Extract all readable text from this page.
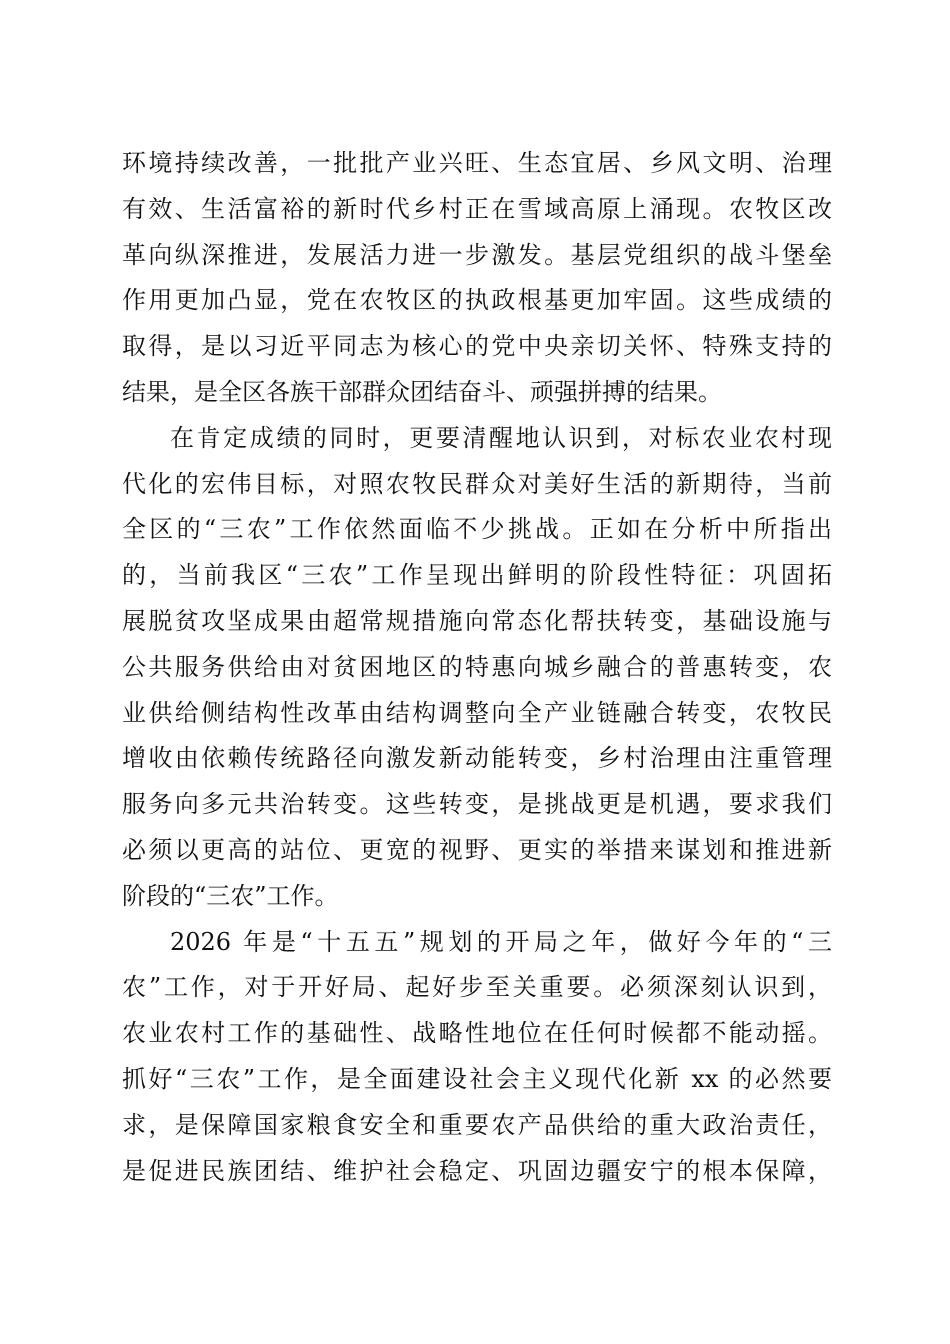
环境持续改善，一批批产业兴旺、生态宜居、乡风文明、治理
有效、生活富裕的新时代乡村正在雪域高原上涌现。农牧区改
革向纵深推进，发展活力进一步激发。基层党组织的战斗堡垒
作用更加凸显，党在农牧区的执政根基更加牢固。这些成绩的
取得，是以习近平同志为核心的党中央亲切关怀、特殊支持的
结果，是全区各族干部群众团结奋斗、顽强拼搏的结果。
在肯定成绩的同时，更要清醒地认识到，对标农业农村现
代化的宏伟目标，对照农牧民群众对美好生活的新期待，当前
全区的“三农”工作依然面临不少挑战。正如在分析中所指出
的，当前我区“三农”工作呈现出鲜明的阶段性特征：巩固拓
展脱贫攻坚成果由超常规措施向常态化帮扶转变，基础设施与
公共服务供给由对贫困地区的特惠向城乡融合的普惠转变，农
业供给侧结构性改革由结构调整向全产业链融合转变，农牧民
增收由依赖传统路径向激发新动能转变，乡村治理由注重管理
服务向多元共治转变。这些转变，是挑战更是机遇，要求我们
必须以更高的站位、更宽的视野、更实的举措来谋划和推进新
阶段的“三农”工作。
2026 年是“十五五”规划的开局之年，做好今年的“三
农”工作，对于开好局、起好步至关重要。必须深刻认识到，
农业农村工作的基础性、战略性地位在任何时候都不能动摇。
抓好“三农”工作，是全面建设社会主义现代化新 xx 的必然要
求，是保障国家粮食安全和重要农产品供给的重大政治责任，
是促进民族团结、维护社会稳定、巩固边疆安宁的根本保障，
